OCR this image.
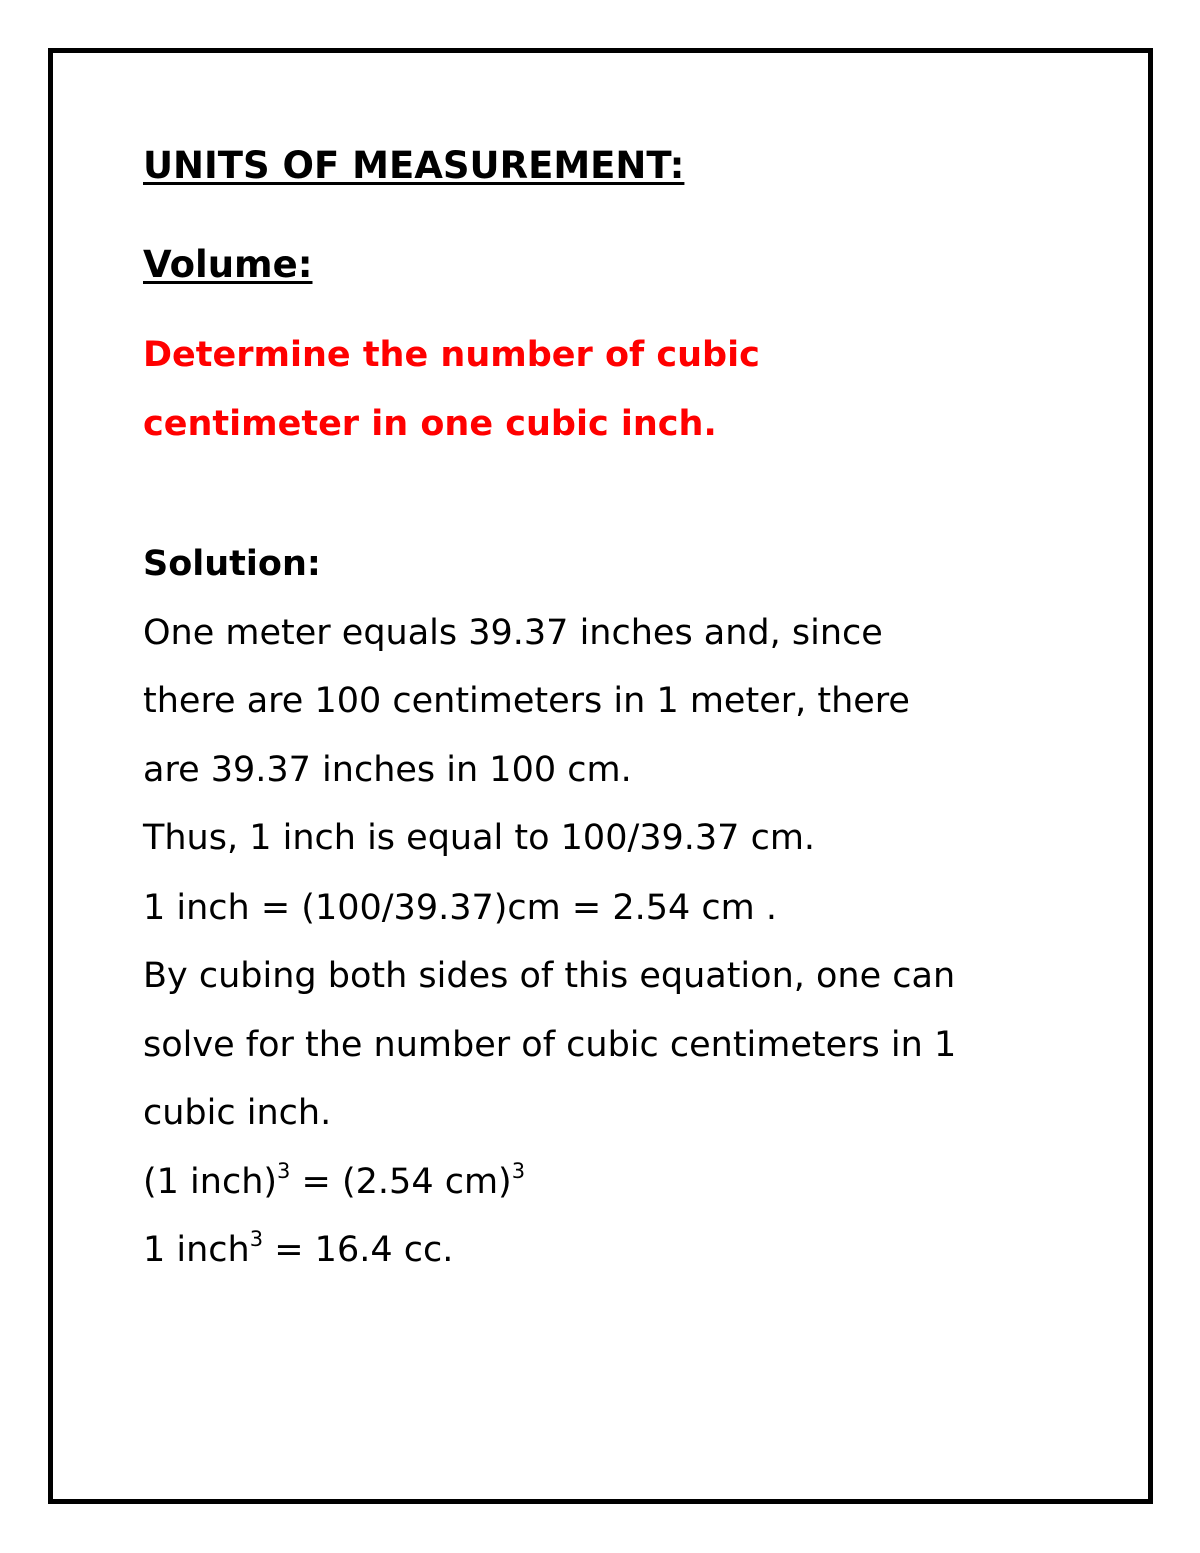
UNITS OF MEASUREMENT:
Volume:
Determine the number of cubic
centimeter in one cubic inch.
Solution:
One meter equals 39.37 inches and, since
there are 100 centimeters in 1 meter, there
are 39.37 inches in 100 cm.
Thus, 1 inch is equal to 100/39.37 cm.
1 inch = (100/39.37)cm = 2.54 cm .
By cubing both sides of this equation, one can
solve for the number of cubic centimeters in 1
cubic inch.
(1 inch)$^3$ = (2.54 cm)$^3$
1 inch$^3$ = 16.4 cc.
